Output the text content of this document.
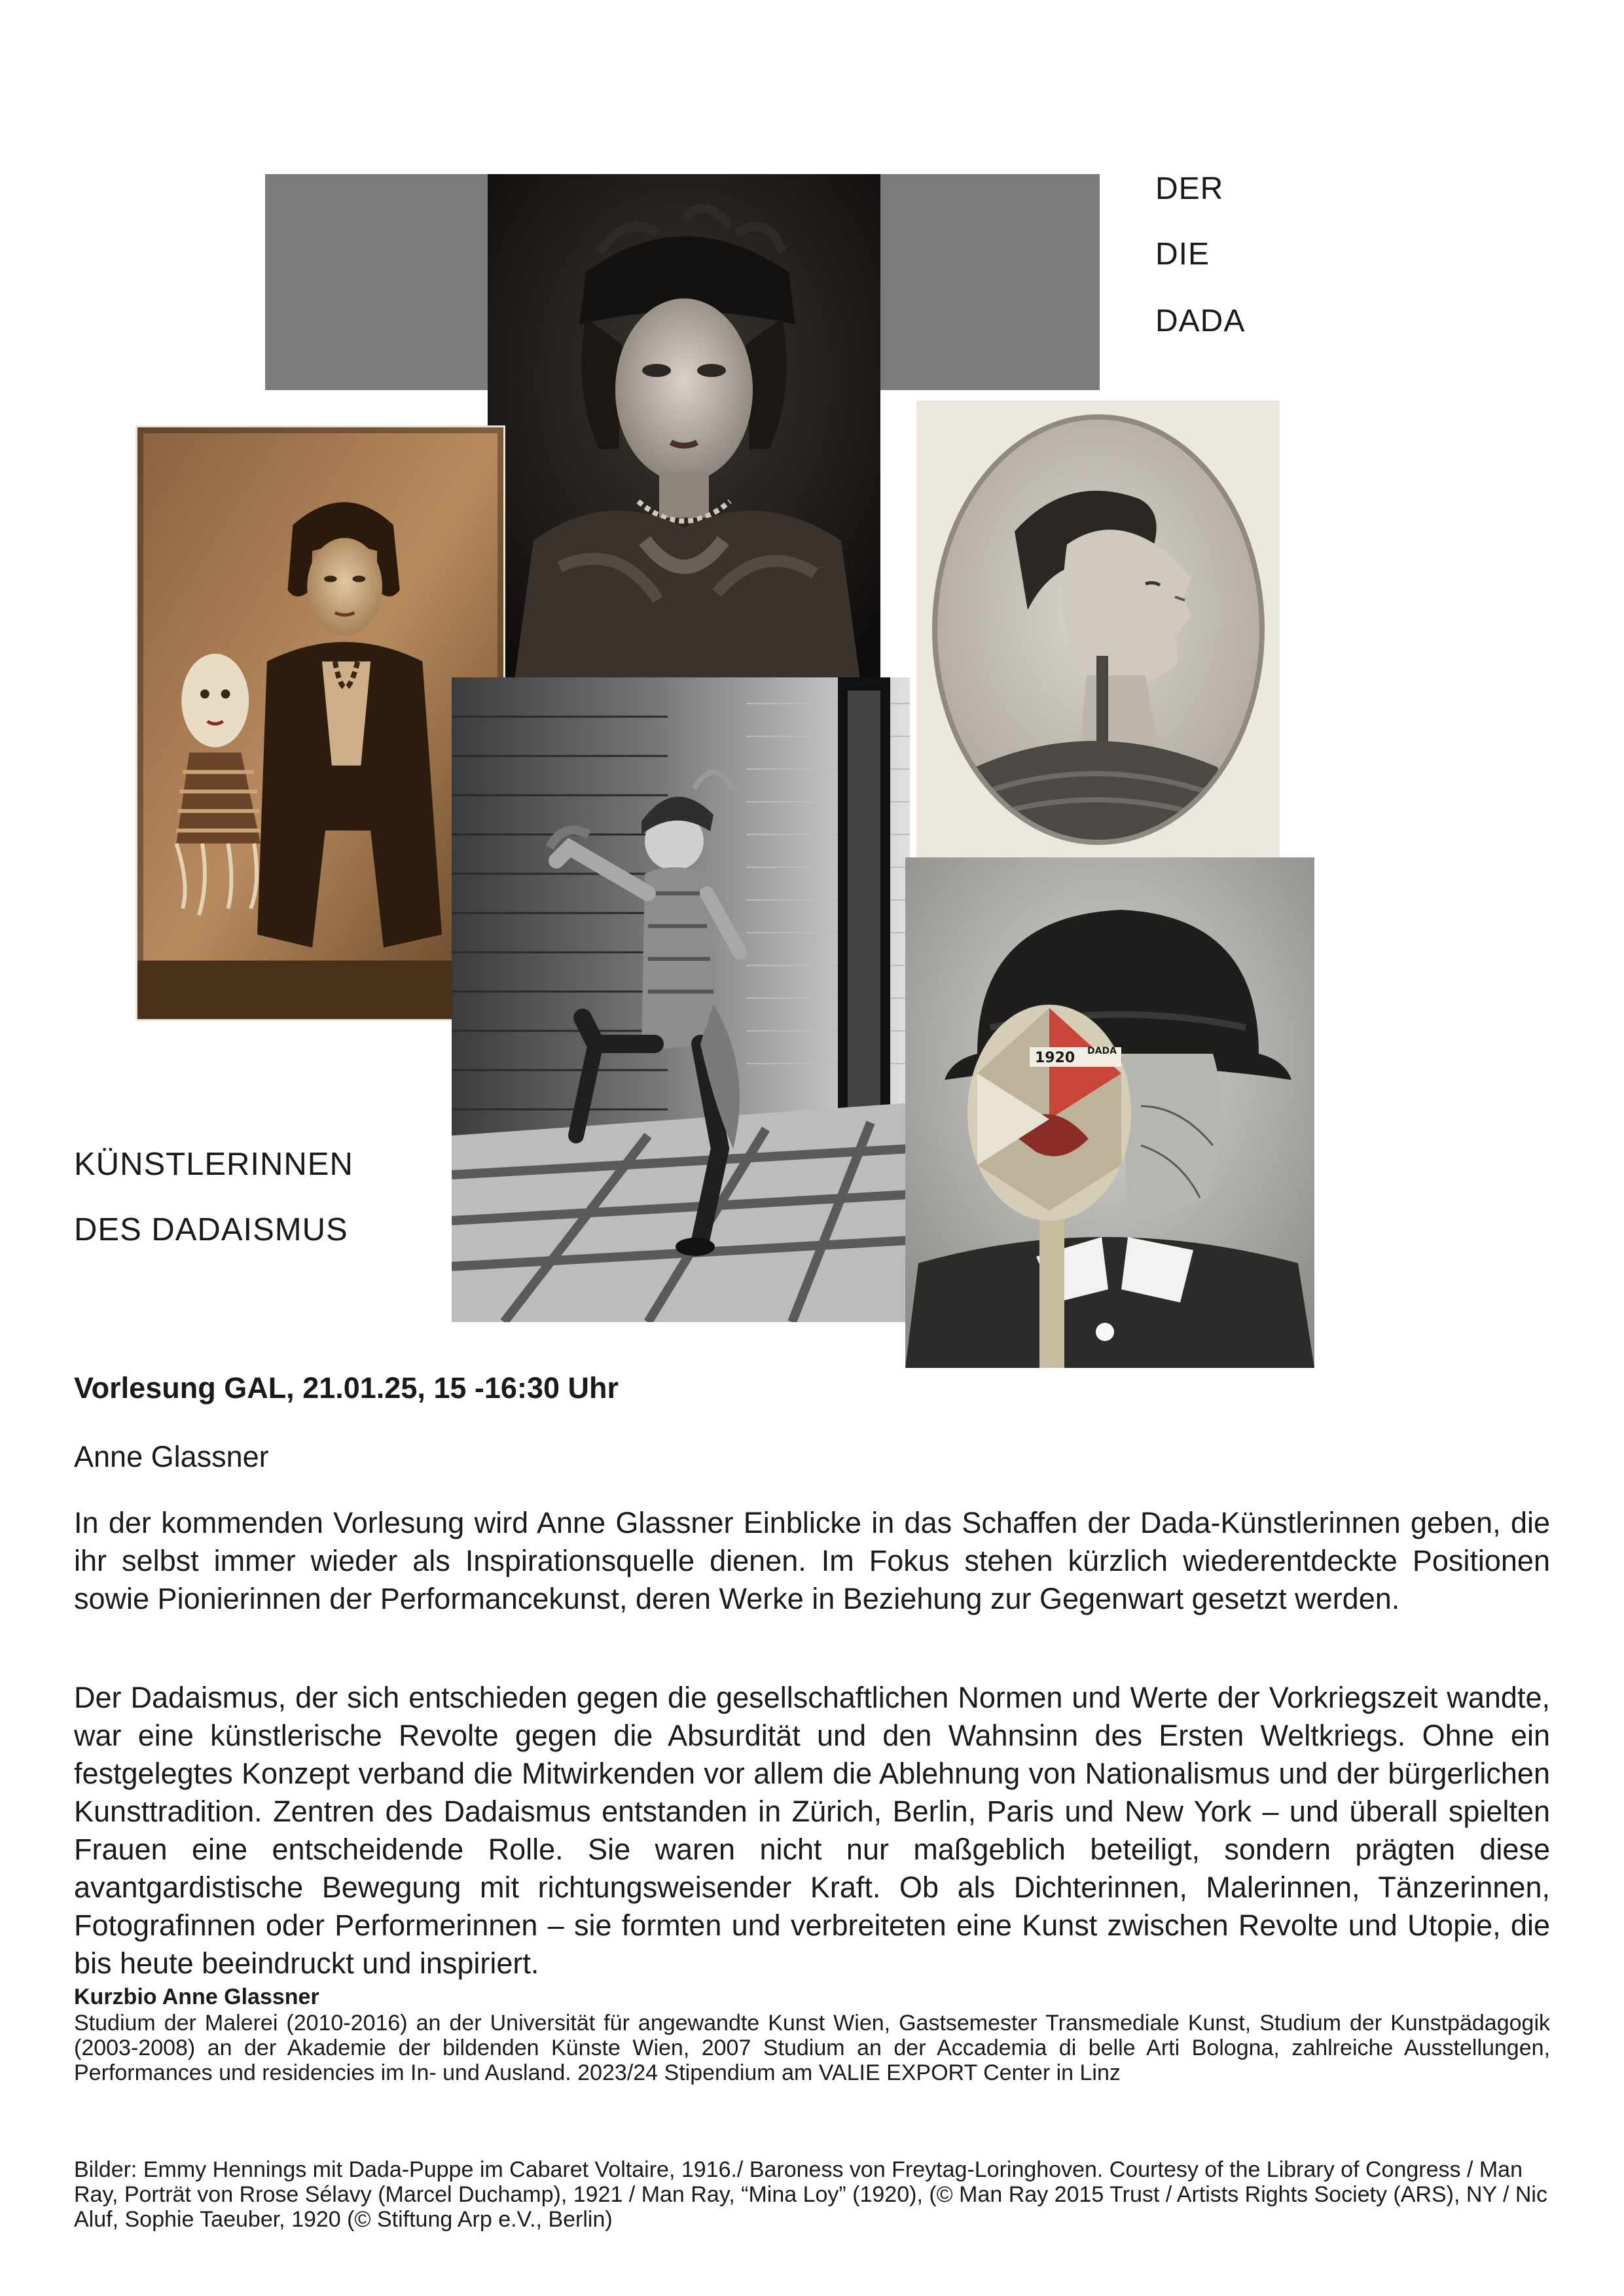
DER
DIE
DADA
1920 DADA
KÜNSTLERINNEN
DES DADAISMUS
Vorlesung GAL, 21.01.25, 15 -16:30 Uhr
Anne Glassner

In der kommenden Vorlesung wird Anne Glassner Einblicke in das Schaffen der Dada-Künstlerinnen geben, die ihr selbst immer wieder als Inspirationsquelle dienen. Im Fokus stehen kürzlich wiederentdeckte Positionen sowie Pionierinnen der Performancekunst, deren Werke in Beziehung zur Gegenwart gesetzt werden.

Der Dadaismus, der sich entschieden gegen die gesellschaftlichen Normen und Werte der Vorkriegszeit wandte, war eine künstlerische Revolte gegen die Absurdität und den Wahnsinn des Ersten Weltkriegs. Ohne ein festgelegtes Konzept verband die Mitwirkenden vor allem die Ablehnung von Nationalismus und der bürgerlichen Kunsttradition. Zentren des Dadaismus entstanden in Zürich, Berlin, Paris und New York – und überall spielten Frauen eine entscheidende Rolle. Sie waren nicht nur maßgeblich beteiligt, sondern prägten diese avantgardistische Bewegung mit richtungsweisender Kraft. Ob als Dichterinnen, Malerinnen, Tänzerinnen, Fotografinnen oder Performerinnen – sie formten und verbreiteten eine Kunst zwischen Revolte und Utopie, die bis heute beeindruckt und inspiriert.

Kurzbio Anne Glassner

Studium der Malerei (2010-2016) an der Universität für angewandte Kunst Wien, Gastsemester Transmediale Kunst, Studium der Kunstpädagogik (2003-2008) an der Akademie der bildenden Künste Wien, 2007 Studium an der Accademia di belle Arti Bologna, zahlreiche Ausstellungen, Performances und residencies im In- und Ausland. 2023/24 Stipendium am VALIE EXPORT Center in Linz

Bilder: Emmy Hennings mit Dada-Puppe im Cabaret Voltaire, 1916./ Baroness von Freytag-Loringhoven. Courtesy of the Library of Congress / Man Ray, Porträt von Rrose Sélavy (Marcel Duchamp), 1921 / Man Ray, “Mina Loy” (1920), (© Man Ray 2015 Trust / Artists Rights Society (ARS), NY / Nic Aluf, Sophie Taeuber, 1920 (© Stiftung Arp e.V., Berlin)
